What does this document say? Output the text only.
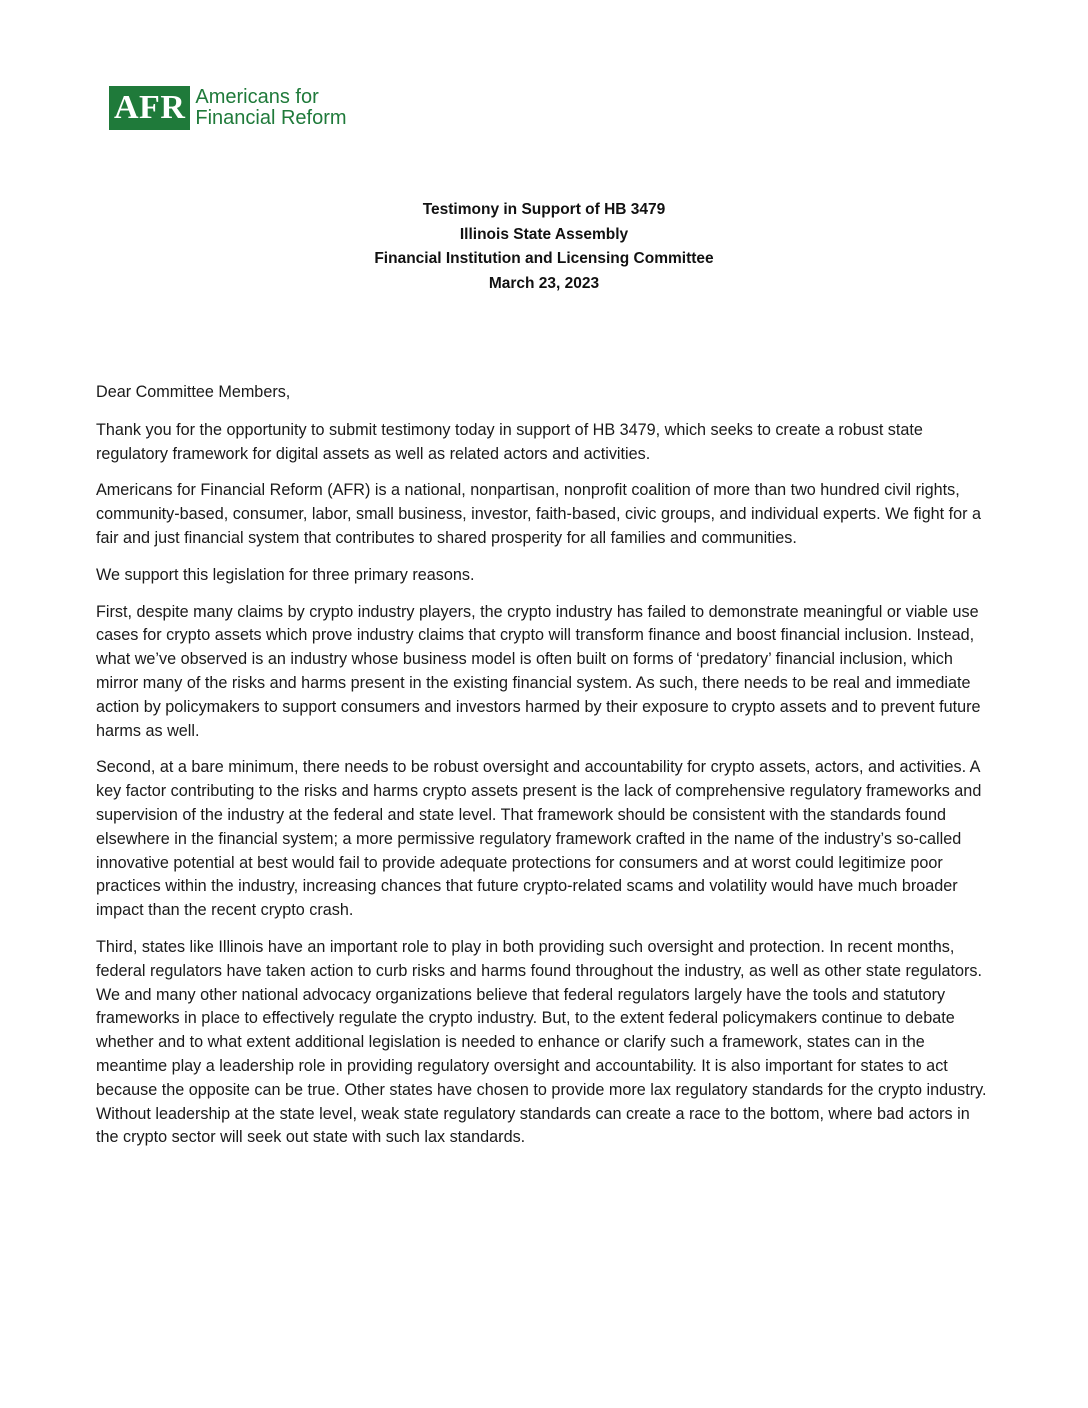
AFR Americans for
Financial Reform
Testimony in Support of HB 3479
Illinois State Assembly
Financial Institution and Licensing Committee
March 23, 2023

Dear Committee Members,

Thank you for the opportunity to submit testimony today in support of HB 3479, which seeks to create a robust state regulatory framework for digital assets as well as related actors and activities.

Americans for Financial Reform (AFR) is a national, nonpartisan, nonprofit coalition of more than two hundred civil rights, community-based, consumer, labor, small business, investor, faith-based, civic groups, and individual experts. We fight for a fair and just financial system that contributes to shared prosperity for all families and communities.

We support this legislation for three primary reasons.

First, despite many claims by crypto industry players, the crypto industry has failed to demonstrate meaningful or viable use cases for crypto assets which prove industry claims that crypto will transform finance and boost financial inclusion. Instead, what we’ve observed is an industry whose business model is often built on forms of ‘predatory’ financial inclusion, which mirror many of the risks and harms present in the existing financial system. As such, there needs to be real and immediate action by policymakers to support consumers and investors harmed by their exposure to crypto assets and to prevent future harms as well.

Second, at a bare minimum, there needs to be robust oversight and accountability for crypto assets, actors, and activities. A key factor contributing to the risks and harms crypto assets present is the lack of comprehensive regulatory frameworks and supervision of the industry at the federal and state level. That framework should be consistent with the standards found elsewhere in the financial system; a more permissive regulatory framework crafted in the name of the industry’s so-called innovative potential at best would fail to provide adequate protections for consumers and at worst could legitimize poor practices within the industry, increasing chances that future crypto-related scams and volatility would have much broader impact than the recent crypto crash.

Third, states like Illinois have an important role to play in both providing such oversight and protection. In recent months, federal regulators have taken action to curb risks and harms found throughout the industry, as well as other state regulators. We and many other national advocacy organizations believe that federal regulators largely have the tools and statutory frameworks in place to effectively regulate the crypto industry. But, to the extent federal policymakers continue to debate whether and to what extent additional legislation is needed to enhance or clarify such a framework, states can in the meantime play a leadership role in providing regulatory oversight and accountability. It is also important for states to act because the opposite can be true. Other states have chosen to provide more lax regulatory standards for the crypto industry. Without leadership at the state level, weak state regulatory standards can create a race to the bottom, where bad actors in the crypto sector will seek out state with such lax standards.
